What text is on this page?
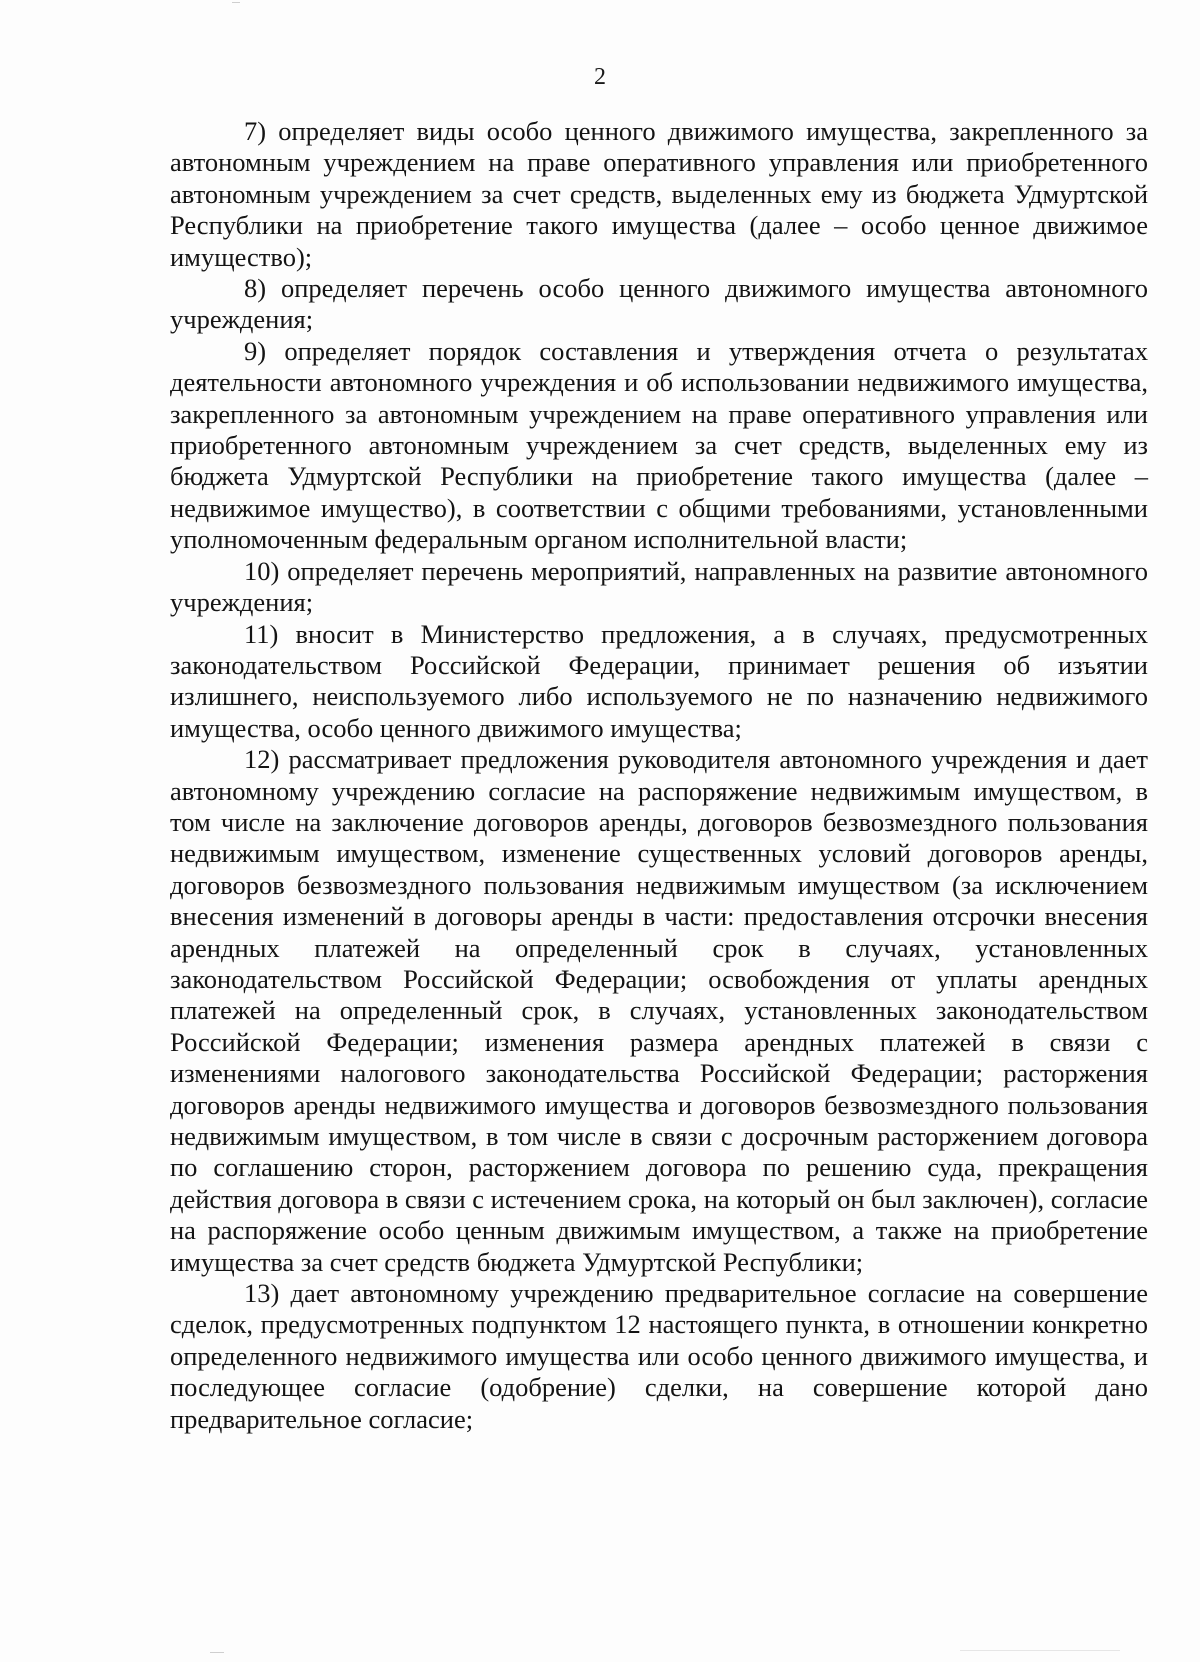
2

7) определяет виды особо ценного движимого имущества, закрепленного за автономным учреждением на праве оперативного управления или приобретенного автономным учреждением за счет средств, выделенных ему из бюджета Удмуртской Республики на приобретение такого имущества (далее – особо ценное движимое имущество);

8) определяет перечень особо ценного движимого имущества автономного учреждения;

9) определяет порядок составления и утверждения отчета о результатах деятельности автономного учреждения и об использовании недвижимого имущества, закрепленного за автономным учреждением на праве оперативного управления или приобретенного автономным учреждением за счет средств, выделенных ему из бюджета Удмуртской Республики на приобретение такого имущества (далее – недвижимое имущество), в соответствии с общими требованиями, установленными уполномоченным федеральным органом исполнительной власти;

10) определяет перечень мероприятий, направленных на развитие автономного учреждения;

11) вносит в Министерство предложения, а в случаях, предусмотренных законодательством Российской Федерации, принимает решения об изъятии излишнего, неиспользуемого либо используемого не по назначению недвижимого имущества, особо ценного движимого имущества;

12) рассматривает предложения руководителя автономного учреждения и дает автономному учреждению согласие на распоряжение недвижимым имуществом, в том числе на заключение договоров аренды, договоров безвозмездного пользования недвижимым имуществом, изменение существенных условий договоров аренды, договоров безвозмездного пользования недвижимым имуществом (за исключением внесения изменений в договоры аренды в части: предоставления отсрочки внесения арендных платежей на определенный срок в случаях, установленных законодательством Российской Федерации; освобождения от уплаты арендных платежей на определенный срок, в случаях, установленных законодательством Российской Федерации; изменения размера арендных платежей в связи с изменениями налогового законодательства Российской Федерации; расторжения договоров аренды недвижимого имущества и договоров безвозмездного пользования недвижимым имуществом, в том числе в связи с досрочным расторжением договора по соглашению сторон, расторжением договора по решению суда, прекращения действия договора в связи с истечением срока, на который он был заключен), согласие на распоряжение особо ценным движимым имуществом, а также на приобретение имущества за счет средств бюджета Удмуртской Республики;

13) дает автономному учреждению предварительное согласие на совершение сделок, предусмотренных подпунктом 12 настоящего пункта, в отношении конкретно определенного недвижимого имущества или особо ценного движимого имущества, и последующее согласие (одобрение) сделки, на совершение которой дано предварительное согласие;
